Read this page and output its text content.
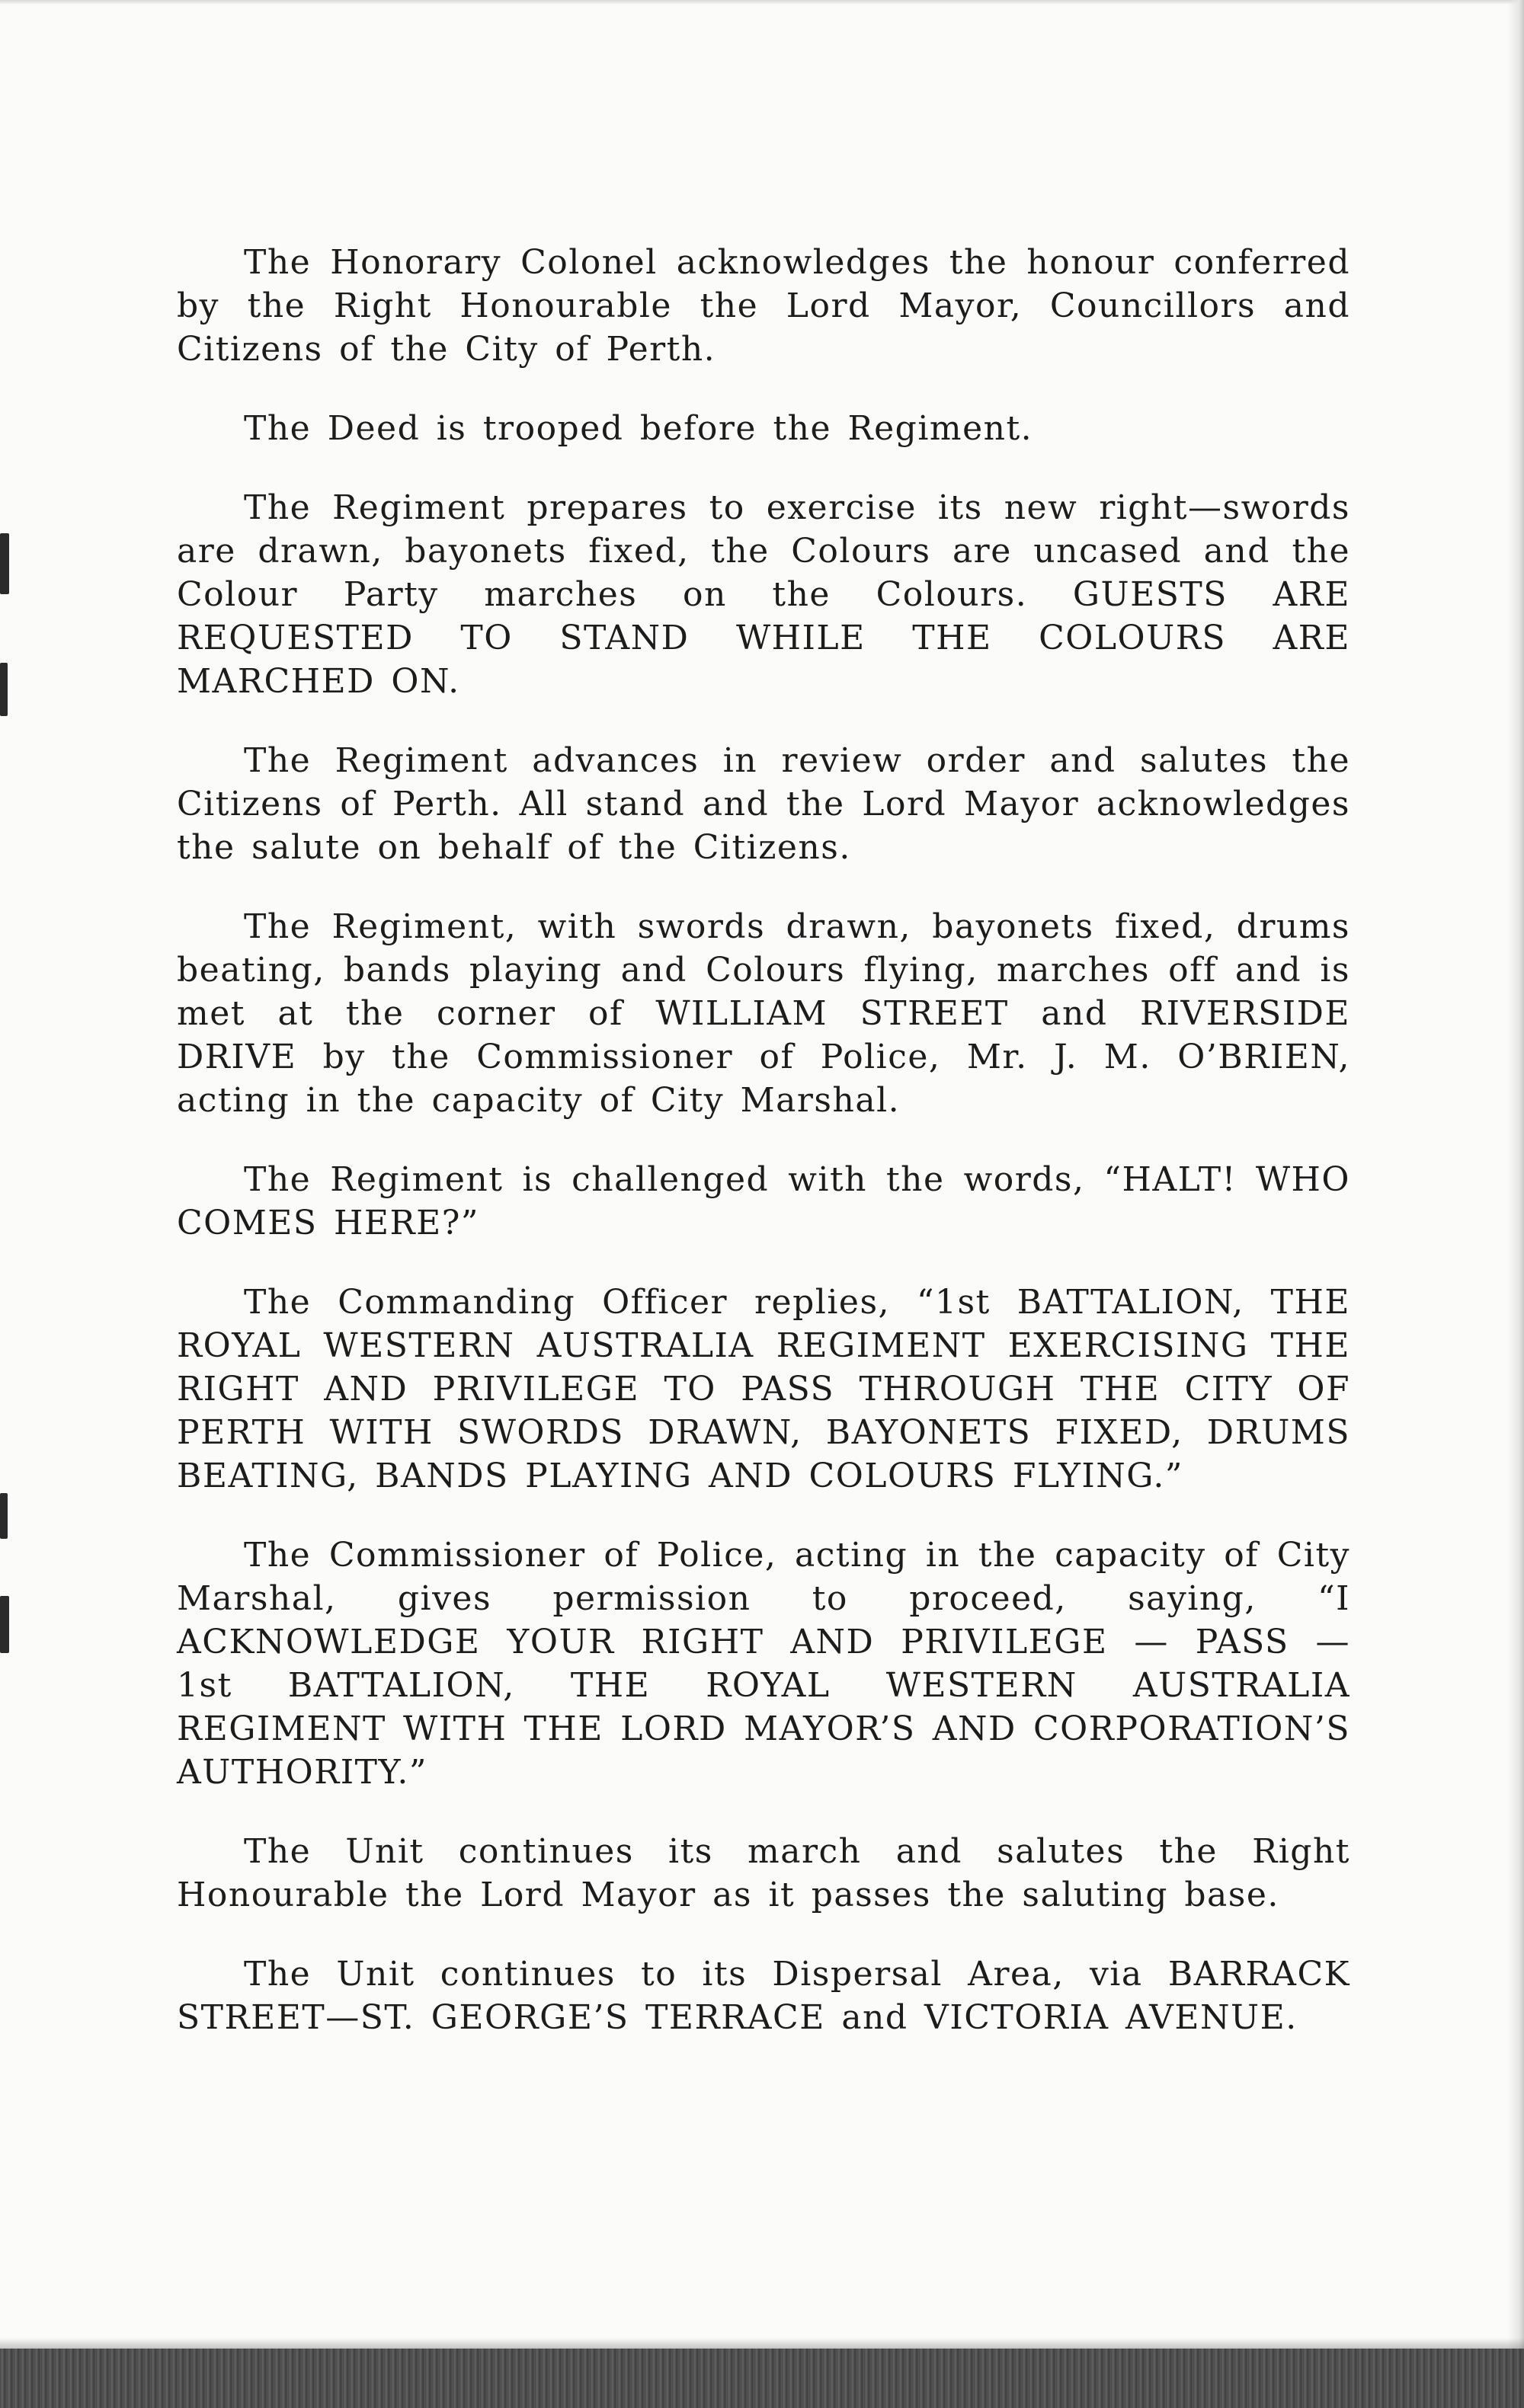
The Honorary Colonel acknowledges the honour conferred by the Right Honourable the Lord Mayor, Councillors and Citizens of the City of Perth.

The Deed is trooped before the Regiment.

The Regiment prepares to exercise its new right—swords are drawn, bayonets fixed, the Colours are uncased and the Colour Party marches on the Colours. GUESTS ARE REQUESTED TO STAND WHILE THE COLOURS ARE MARCHED ON.

The Regiment advances in review order and salutes the Citizens of Perth. All stand and the Lord Mayor acknowledges the salute on behalf of the Citizens.

The Regiment, with swords drawn, bayonets fixed, drums beating, bands playing and Colours flying, marches off and is met at the corner of WILLIAM STREET and RIVERSIDE DRIVE by the Commissioner of Police, Mr. J. M. O’BRIEN, acting in the capacity of City Marshal.

The Regiment is challenged with the words, “HALT! WHO COMES HERE?”

The Commanding Officer replies, “1st BATTALION, THE ROYAL WESTERN AUSTRALIA REGIMENT EXERCISING THE RIGHT AND PRIVILEGE TO PASS THROUGH THE CITY OF PERTH WITH SWORDS DRAWN, BAYONETS FIXED, DRUMS BEATING, BANDS PLAYING AND COLOURS FLYING.”

The Commissioner of Police, acting in the capacity of City Marshal, gives permission to proceed, saying, “I ACKNOWLEDGE YOUR RIGHT AND PRIVILEGE — PASS — 1st BATTALION, THE ROYAL WESTERN AUSTRALIA REGIMENT WITH THE LORD MAYOR’S AND CORPORATION’S AUTHORITY.”

The Unit continues its march and salutes the Right Honourable the Lord Mayor as it passes the saluting base.

The Unit continues to its Dispersal Area, via BARRACK STREET—ST. GEORGE’S TERRACE and VICTORIA AVENUE.
